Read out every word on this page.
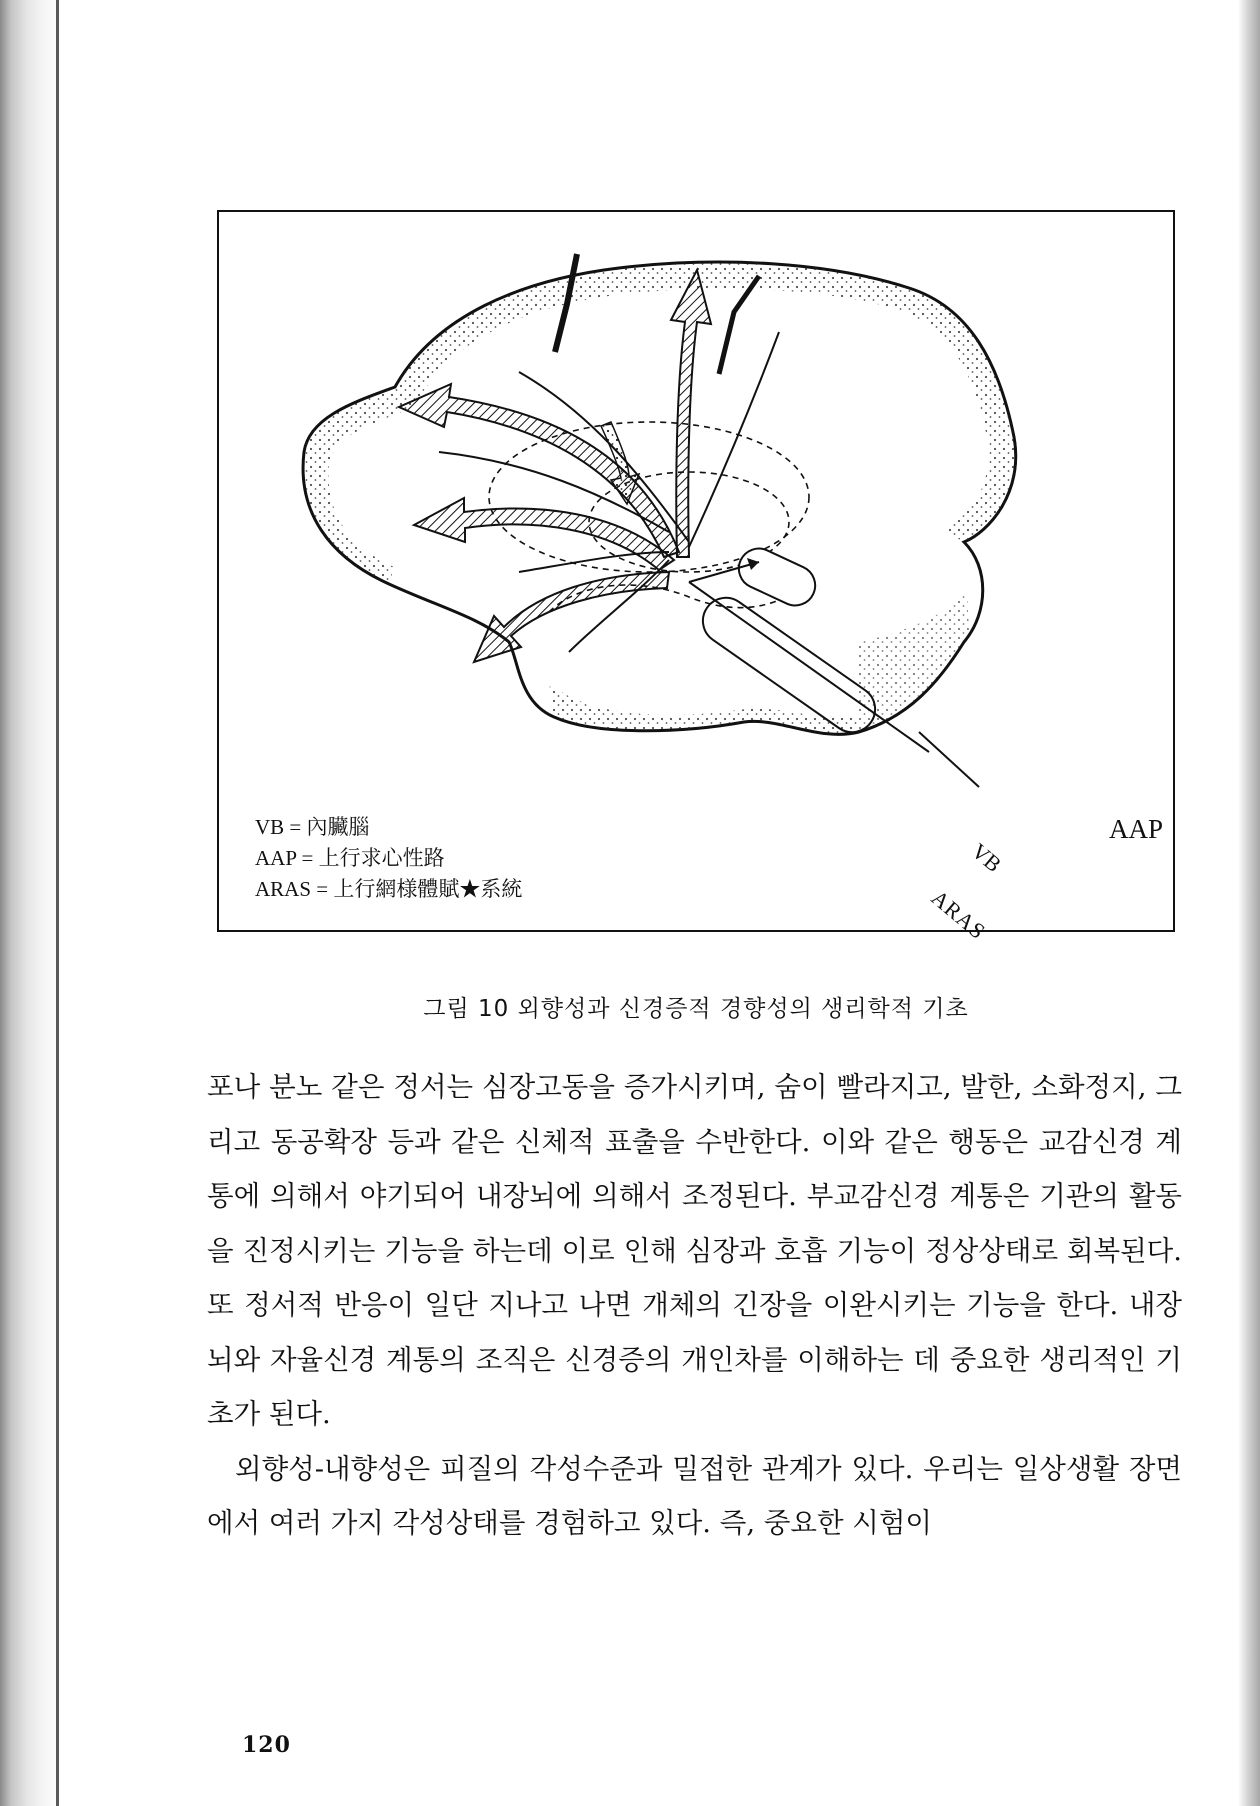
VB
ARAS
AAP
VB = 內臟腦
AAP = 上行求心性路
ARAS = 上行網様體賦★系統
그림 10 외향성과 신경증적 경향성의 생리학적 기초

포나 분노 같은 정서는 심장고동을 증가시키며, 숨이 빨라지고, 발한, 소화정지, 그리고 동공확장 등과 같은 신체적 표출을 수반한다. 이와 같은 행동은 교감신경 계통에 의해서 야기되어 내장뇌에 의해서 조정된다. 부교감신경 계통은 기관의 활동을 진정시키는 기능을 하는데 이로 인해 심장과 호흡 기능이 정상상태로 회복된다. 또 정서적 반응이 일단 지나고 나면 개체의 긴장을 이완시키는 기능을 한다. 내장뇌와 자율신경 계통의 조직은 신경증의 개인차를 이해하는 데 중요한 생리적인 기초가 된다.

외향성-내향성은 피질의 각성수준과 밀접한 관계가 있다. 우리는 일상생활 장면에서 여러 가지 각성상태를 경험하고 있다. 즉, 중요한 시험이

120
